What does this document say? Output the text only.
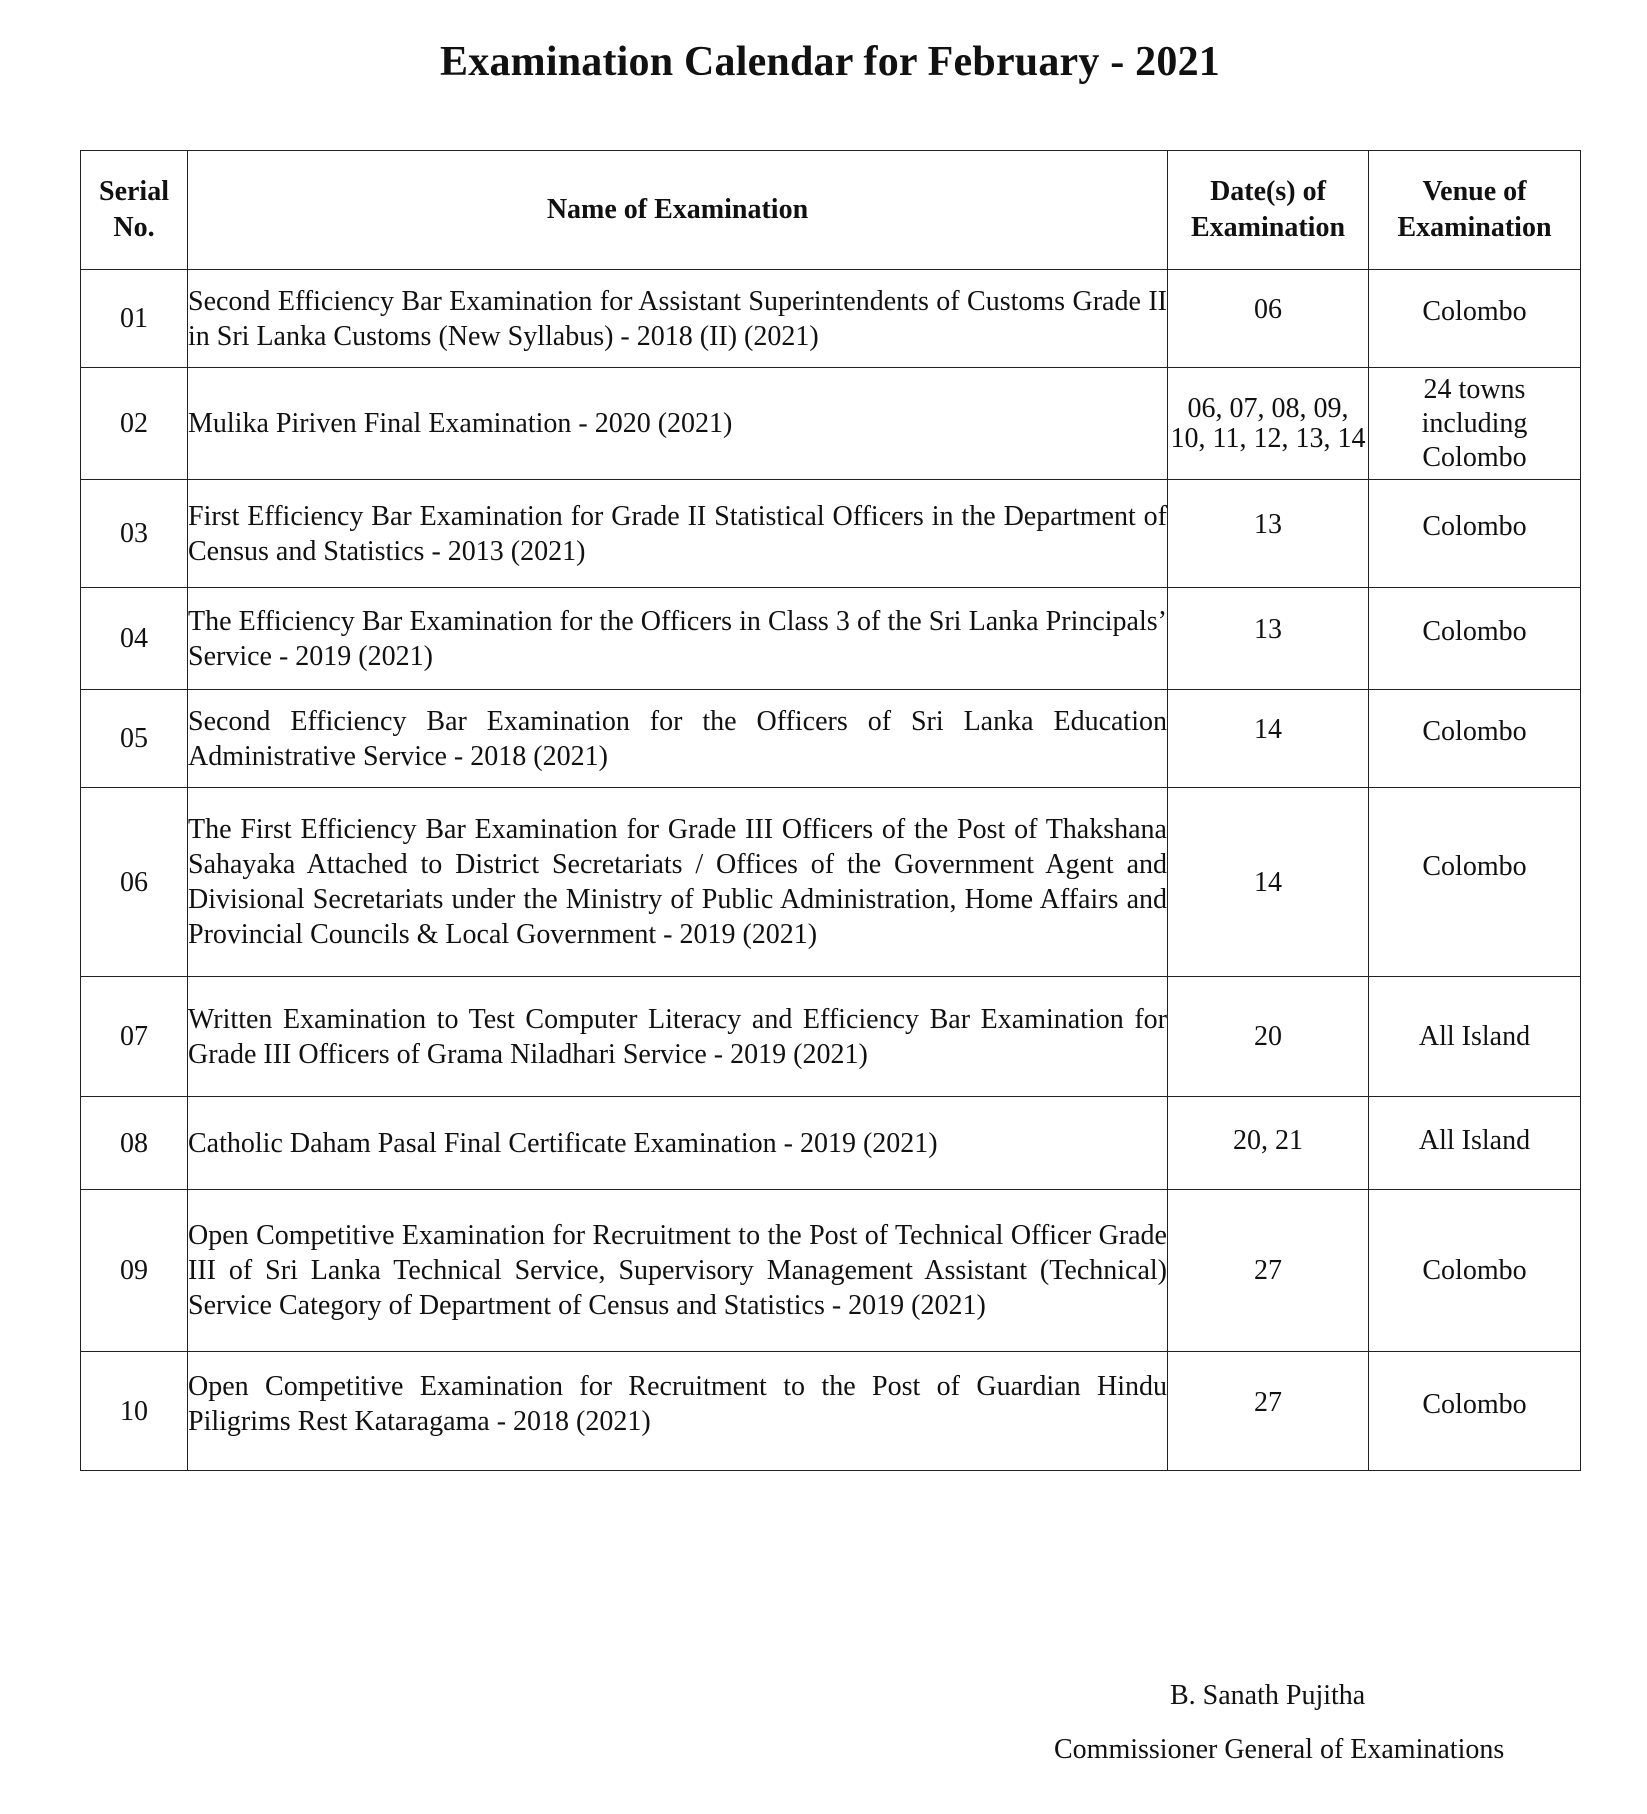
Examination Calendar for February - 2021
Serial No.	Name of Examination	Date(s) of Examination	Venue of Examination

01	Second Efficiency Bar Examination for Assistant Superintendents of Customs Grade II in Sri Lanka Customs (New Syllabus) - 2018 (II) (2021)	06	Colombo

02	Mulika Piriven Final Examination - 2020 (2021)	06, 07, 08, 09, 10, 11, 12, 13, 14	24 towns including Colombo

03	First Efficiency Bar Examination for Grade II Statistical Officers in the Department of Census and Statistics - 2013 (2021)	13	Colombo

04	The Efficiency Bar Examination for the Officers in Class 3 of the Sri Lanka Principals’ Service - 2019 (2021)	13	Colombo

05	Second Efficiency Bar Examination for the Officers of Sri Lanka Education Administrative Service - 2018 (2021)	14	Colombo

06	The First Efficiency Bar Examination for Grade III Officers of the Post of Thakshana Sahayaka Attached to District Secretariats / Offices of the Government Agent and Divisional Secretariats under the Ministry of Public Administration, Home Affairs and Provincial Councils & Local Government - 2019 (2021)	14	Colombo

07	Written Examination to Test Computer Literacy and Efficiency Bar Examination for Grade III Officers of Grama Niladhari Service - 2019 (2021)	20	All Island

08	Catholic Daham Pasal Final Certificate Examination - 2019 (2021)	20, 21	All Island

09	Open Competitive Examination for Recruitment to the Post of Technical Officer Grade III of Sri Lanka Technical Service, Supervisory Management Assistant (Technical) Service Category of Department of Census and Statistics - 2019 (2021)	27	Colombo

10	Open Competitive Examination for Recruitment to the Post of Guardian Hindu Piligrims Rest Kataragama - 2018 (2021)	27	Colombo
B. Sanath Pujitha
Commissioner General of Examinations
